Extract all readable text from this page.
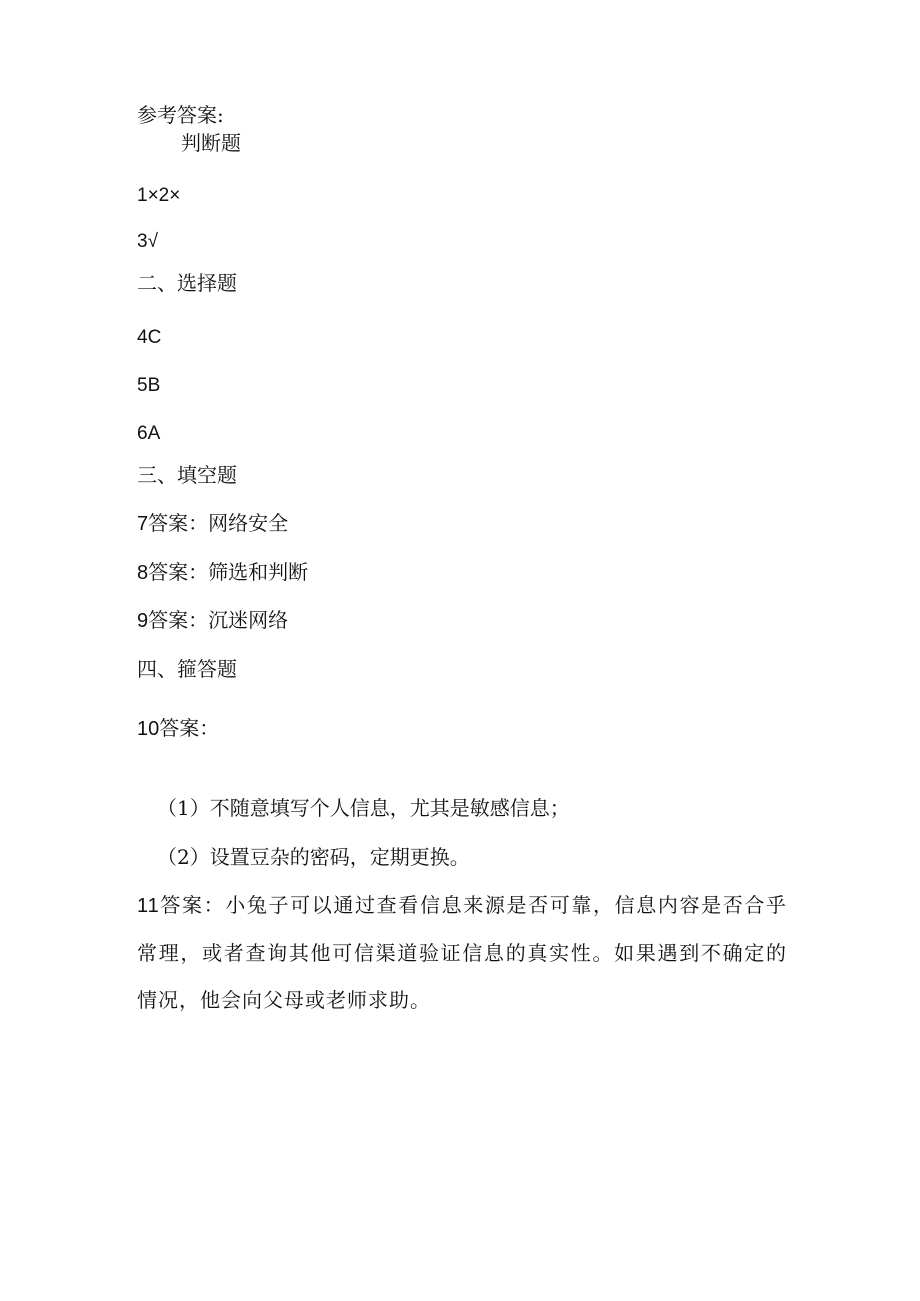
参考答案:
判断题
1×2×
3√
二、选择题
4C
5B
6A
三、填空题
7答案：网络安全
8答案：筛选和判断
9答案：沉迷网络
四、箍答题
10答案：
（1）不随意填写个人信息，尤其是敏感信息；
（2）设置豆杂的密码，定期更换。
11答案：小兔子可以通过查看信息来源是否可靠，信息内容是否合乎常理，或者查询其他可信渠道验证信息的真实性。如果遇到不确定的情况，他会向父母或老师求助。
